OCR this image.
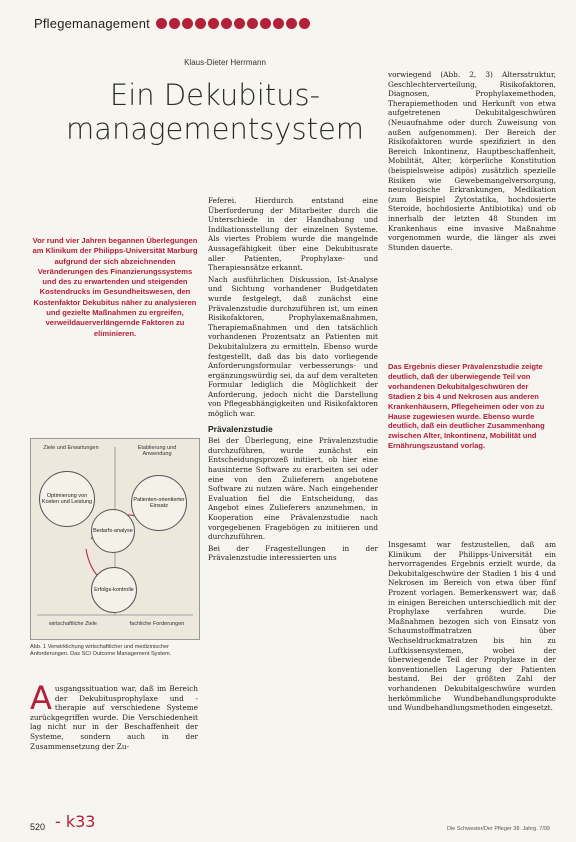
Pflegemanagement
Klaus-Dieter Herrmann
Ein Dekubitus-
managementsystem
Vor rund vier Jahren begannen Überlegungen am Klinikum der Philipps-Universität Marburg aufgrund der sich abzeichnenden Veränderungen des Finanzierungssystems und des zu erwartenden und steigenden Kostendrucks im Gesundheitswesen, den Kostenfaktor Dekubitus näher zu analysieren und gezielte Maßnahmen zu ergreifen, verweildauerverlängernde Faktoren zu eliminieren.
Ziele und Erwartungen	Etablierung und Anwendung
Optimierung von Kosten und Leistung	Patienten-orientierter Einsatz
Bedarfs-analyse
Erfolgs-kontrolle
wirtschaftliche Ziele	fachliche Forderungen
Abb. 1 Verwirklichung wirtschaftlicher und medizinischer Anforderungen. Das SCI Outcome Management System.
Ausgangssituation war, daß im Bereich der Dekubitusprophylaxe und -therapie auf verschiedene Systeme zurückgegriffen wurde. Die Verschiedenheit lag nicht nur in der Beschaffenheit der Systeme, sondern auch in der Zusammensetzung der Zu-

Feferei. Hierdurch entstand eine Überforderung der Mitarbeiter durch die Unterschiede in der Handhabung und Indikationsstellung der einzelnen Systeme. Als viertes Problem wurde die mangelnde Aussagefähigkeit über eine Dekubitusrate aller Patienten, Prophylaxe- und Therapieansätze erkannt.

Nach ausführlichen Diskussion, Ist-Analyse und Sichtung vorhandener Budgetdaten wurde festgelegt, daß zunächst eine Prävalenzstudie durchzuführen ist, um einen Risikofaktoren, Prophylaxemaßnahmen, Therapiemaßnahmen und den tatsächlich vorhandenen Prozentsatz an Patienten mit Dekubitalulzera zu ermitteln. Ebenso wurde festgestellt, daß das bis dato vorliegende Anforderungsformular verbesserungs- und ergänzungswürdig sei, da auf dem veralteten Formular lediglich die Möglichkeit der Anforderung, jedoch nicht die Darstellung von Pflegeabhängigkeiten und Risikofaktoren möglich war.

Prävalenzstudie

Bei der Überlegung, eine Prävalenzstudie durchzuführen, wurde zunächst ein Entscheidungsprozeß initiiert, ob hier eine hausinterne Software zu erarbeiten sei oder eine von den Zulieferern angebotene Software zu nutzen wäre. Nach eingehender Evaluation fiel die Entscheidung, das Angebot eines Zulieferers anzunehmen, in Kooperation eine Prävalenzstudie nach vorgegebenen Fragebögen zu initiieren und durchzuführen.

Bei der Fragestellungen in der Prävalenzstudie interessierten uns

vorwiegend (Abb. 2, 3) Altersstruktur, Geschlechterverteilung, Risikofaktoren, Diagnosen, Prophylaxemethoden, Therapiemethoden und Herkunft von etwa aufgetretenen Dekubitalgeschwüren (Neuaufnahme oder durch Zuweisung von außen aufgenommen). Der Bereich der Risikofaktoren wurde spezifiziert in den Bereich Inkontinenz, Hauptbeschaffenheit, Mobilität, Alter, körperliche Konstitution (beispielsweise adipös) zusätzlich spezielle Risiken wie Gewebemangelversorgung, neurologische Erkrankungen, Medikation (zum Beispiel Zytostatika, hochdosierte Steroide, hochdosierte Antibiotika) und ob innerhalb der letzten 48 Stunden im Krankenhaus eine invasive Maßnahme vorgenommen wurde, die länger als zwei Stunden dauerte.

Das Ergebnis dieser Prävalenzstudie zeigte deutlich, daß der überwiegende Teil von vorhandenen Dekubitalgeschwüren der Stadien 2 bis 4 und Nekrosen aus anderen Krankenhäusern, Pflegeheimen oder von zu Hause zugewiesen wurde. Ebenso wurde deutlich, daß ein deutlicher Zusammenhang zwischen Alter, Inkontinenz, Mobilität und Ernährungszustand vorlag.

Insgesamt war festzustellen, daß am Klinikum der Philipps-Universität ein hervorragendes Ergebnis erzielt wurde, da Dekubitalgeschwüre der Stadien 1 bis 4 und Nekrosen im Bereich von etwa über fünf Prozent vorlagen. Bemerkenswert war, daß in einigen Bereichen unterschiedlich mit der Prophylaxe verfahren wurde. Die Maßnahmen bezogen sich von Einsatz von Schaumstoffmatratzen über Wechseldruckmatratzen bis hin zu Luftkissensystemen, wobei der überwiegende Teil der Prophylaxe in der konventionellen Lagerung der Patienten bestand. Bei der größten Zahl der vorhandenen Dekubitalgeschwüre wurden herkömmliche Wundbehandlungsprodukte und Wundbehandlungsmethoden eingesetzt.

520 - k33	Die Schwester/Der Pfleger 38. Jahrg. 7/99
